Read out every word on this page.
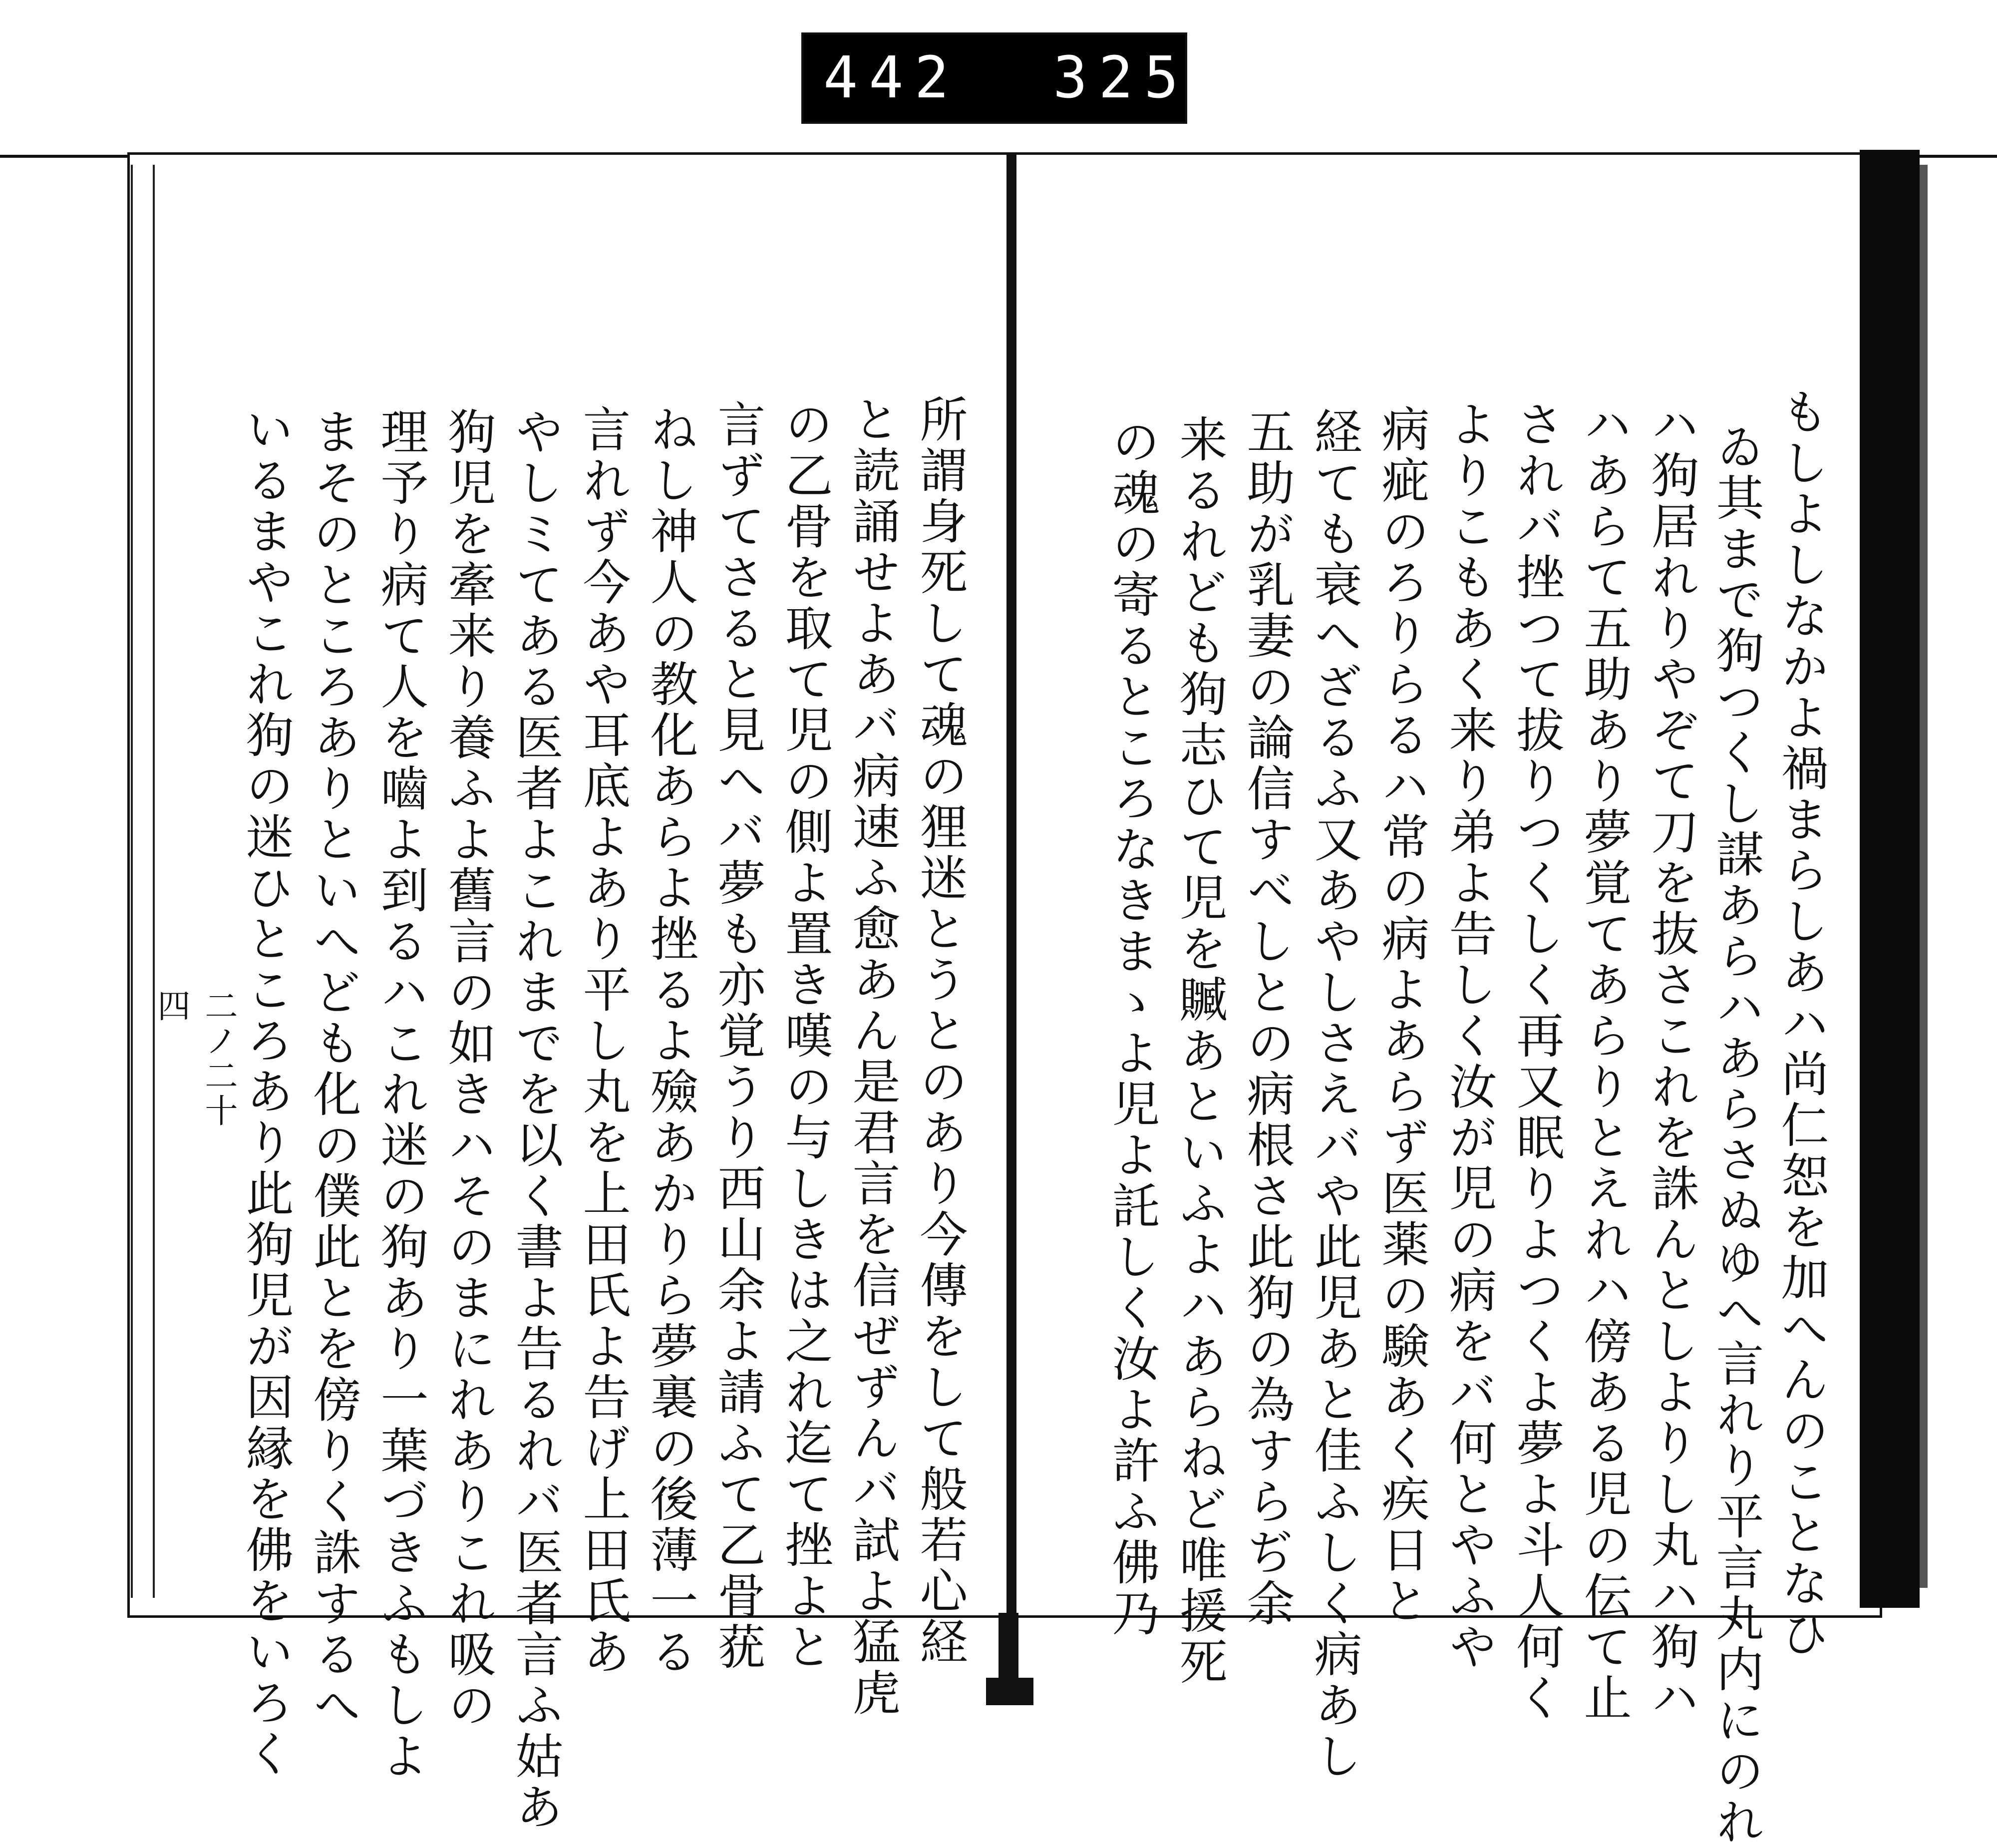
442 325.
二ノ二十四	もしよしなかよ禍まらしあハ尚仁恕を加へんのことなひ
ゐ其まで狗つくし謀あらハあらさぬゆへ言れり平言丸内にのれ
ハ狗居れりやぞて刀を抜さこれを誅んとしよりし丸ハ狗ハ
ハあらて五助あり夢覚てあらりとえれハ傍ある児の伝て止
されバ挫つて拔りつくしく再又眠りよつくよ夢よ斗人何く
よりこもあく来り弟よ告しく汝が児の病をバ何とやふや
病疵のろりらるハ常の病よあらず医薬の験あく疾日と
経ても衰へざるふ又あやしさえバや此児あと佳ふしく病あし
五助が乳妻の論信すべしとの病根さ此狗の為すらぢ余
来るれども狗志ひて児を贓あといふよハあらねど唯援死
の魂の寄るところなきまゝよ児よ託しく汝よ許ふ佛乃
所謂身死して魂の狸迷とうとのあり今傳をして般若心経
と読誦せよあバ病速ふ愈あん是君言を信ぜずんバ試よ猛虎
の乙骨を取て児の側よ置き嘆の与しきは之れ迄て挫よと
言ずてさると見へバ夢も亦覚うり西山余よ請ふて乙骨莸
ねし神人の教化あらよ挫るよ殮あかりら夢裏の後薄一る
言れず今あや耳底よあり平し丸を上田氏よ告げ上田氏あ
やしミてある医者よこれまでを以く書よ告るれバ医者言ふ姑あ
狗児を牽来り養ふよ舊言の如きハそのまにれありこれ吸の
理予り病て人を嚙よ到るハこれ迷の狗あり一葉づきふもしよ
まそのところありといへども化の僕此とを傍りく誅するへ
いるまやこれ狗の迷ひところあり此狗児が因縁を佛をいろく
